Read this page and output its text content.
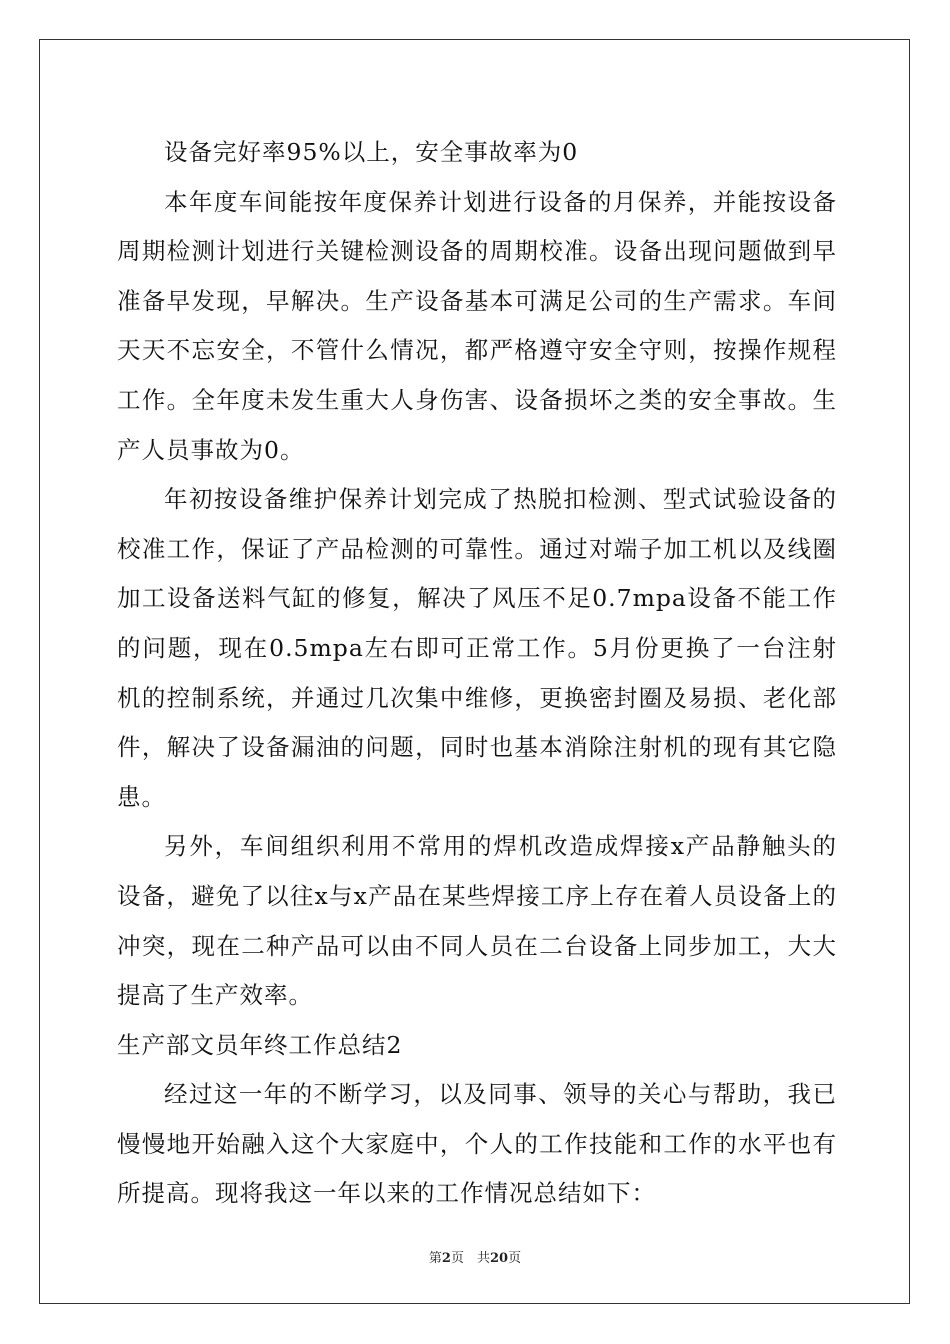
设备完好率95%以上，安全事故率为0

本年度车间能按年度保养计划进行设备的月保养，并能按设备周期检测计划进行关键检测设备的周期校准。设备出现问题做到早准备早发现，早解决。生产设备基本可满足公司的生产需求。车间天天不忘安全，不管什么情况，都严格遵守安全守则，按操作规程工作。全年度未发生重大人身伤害、设备损坏之类的安全事故。生产人员事故为0。

年初按设备维护保养计划完成了热脱扣检测、型式试验设备的校准工作，保证了产品检测的可靠性。通过对端子加工机以及线圈加工设备送料气缸的修复，解决了风压不足0.7mpa设备不能工作的问题，现在0.5mpa左右即可正常工作。5月份更换了一台注射机的控制系统，并通过几次集中维修，更换密封圈及易损、老化部件，解决了设备漏油的问题，同时也基本消除注射机的现有其它隐患。

另外，车间组织利用不常用的焊机改造成焊接x产品静触头的设备，避免了以往x与x产品在某些焊接工序上存在着人员设备上的冲突，现在二种产品可以由不同人员在二台设备上同步加工，大大提高了生产效率。

生产部文员年终工作总结2

经过这一年的不断学习，以及同事、领导的关心与帮助，我已慢慢地开始融入这个大家庭中，个人的工作技能和工作的水平也有所提高。现将我这一年以来的工作情况总结如下：

第2页　共20页
